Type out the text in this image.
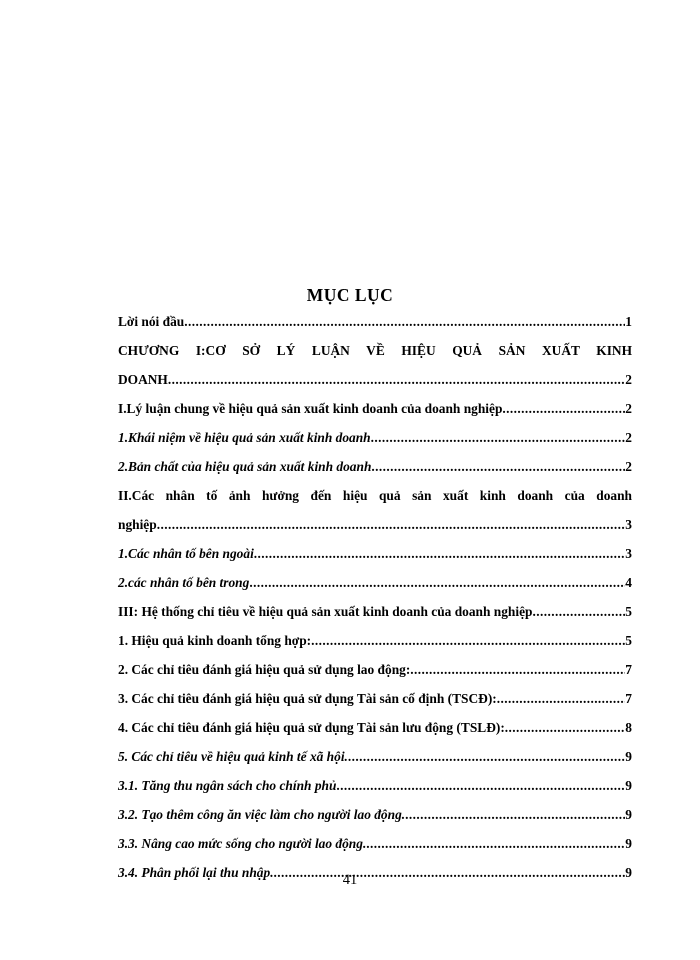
MỤC LỤC
Lời nói đầu .....	1
CHƯƠNG I:CƠ SỞ LÝ LUẬN VỀ HIỆU QUẢ SẢN XUẤT KINH
DOANH .....	2
I.Lý luận chung về hiệu quả sản xuất kinh doanh của doanh nghiệp .....	2
1.Khái niệm về hiệu quả sản xuất kinh doanh .....	2
2.Bản chất của hiệu quả sản xuất kinh doanh .....	2
II.Các nhân tố ảnh hưởng đến hiệu quả sản xuất kinh doanh của doanh
nghiệp .....	3
1.Các nhân tố bên ngoài .....	3
2.các nhân tố bên trong .....	4
III: Hệ thống chỉ tiêu về hiệu quả sản xuất kinh doanh của doanh nghiệp .....	5
1. Hiệu quả kinh doanh tổng hợp: .....	5
2. Các chỉ tiêu đánh giá hiệu quả sử dụng lao động: .....	7
3. Các chỉ tiêu đánh giá hiệu quả sử dụng Tài sản cố định (TSCĐ): .....	7
4. Các chỉ tiêu đánh giá hiệu quả sử dụng Tài sản lưu động (TSLĐ): .....	8
5. Các chỉ tiêu về hiệu quả kinh tế xã hội. .....	9
3.1. Tăng thu ngân sách cho chính phủ .....	9
3.2. Tạo thêm công ăn việc làm cho người lao động. .....	9
3.3. Nâng cao mức sống cho người lao động. .....	9
3.4. Phân phối lại thu nhập. .....	9
41
